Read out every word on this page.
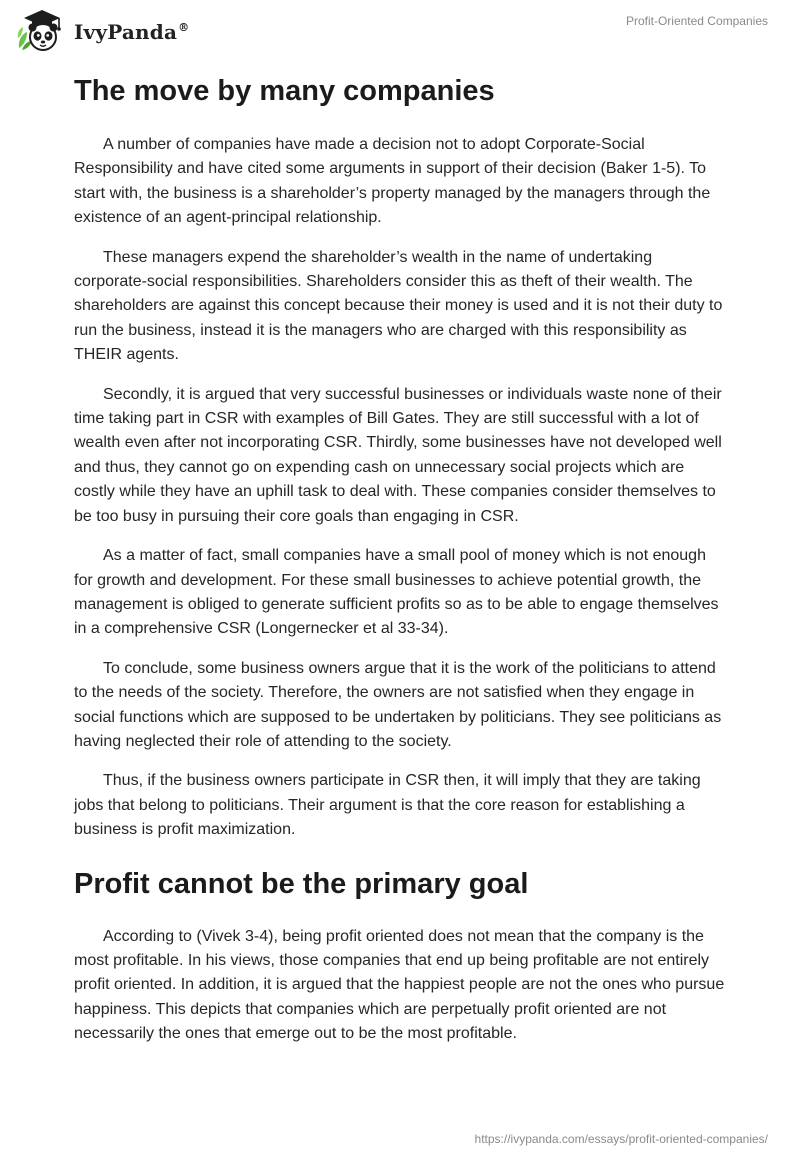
IvyPanda®	Profit-Oriented Companies
The move by many companies

A number of companies have made a decision not to adopt Corporate-Social Responsibility and have cited some arguments in support of their decision (Baker 1-5). To start with, the business is a shareholder’s property managed by the managers through the existence of an agent-principal relationship.

These managers expend the shareholder’s wealth in the name of undertaking corporate-social responsibilities. Shareholders consider this as theft of their wealth. The shareholders are against this concept because their money is used and it is not their duty to run the business, instead it is the managers who are charged with this responsibility as THEIR agents.

Secondly, it is argued that very successful businesses or individuals waste none of their time taking part in CSR with examples of Bill Gates. They are still successful with a lot of wealth even after not incorporating CSR. Thirdly, some businesses have not developed well and thus, they cannot go on expending cash on unnecessary social projects which are costly while they have an uphill task to deal with. These companies consider themselves to be too busy in pursuing their core goals than engaging in CSR.

As a matter of fact, small companies have a small pool of money which is not enough for growth and development. For these small businesses to achieve potential growth, the management is obliged to generate sufficient profits so as to be able to engage themselves in a comprehensive CSR (Longernecker et al 33-34).

To conclude, some business owners argue that it is the work of the politicians to attend to the needs of the society. Therefore, the owners are not satisfied when they engage in social functions which are supposed to be undertaken by politicians. They see politicians as having neglected their role of attending to the society.

Thus, if the business owners participate in CSR then, it will imply that they are taking jobs that belong to politicians. Their argument is that the core reason for establishing a business is profit maximization.

Profit cannot be the primary goal

According to (Vivek 3-4), being profit oriented does not mean that the company is the most profitable. In his views, those companies that end up being profitable are not entirely profit oriented. In addition, it is argued that the happiest people are not the ones who pursue happiness. This depicts that companies which are perpetually profit oriented are not necessarily the ones that emerge out to be the most profitable.

https://ivypanda.com/essays/profit-oriented-companies/
